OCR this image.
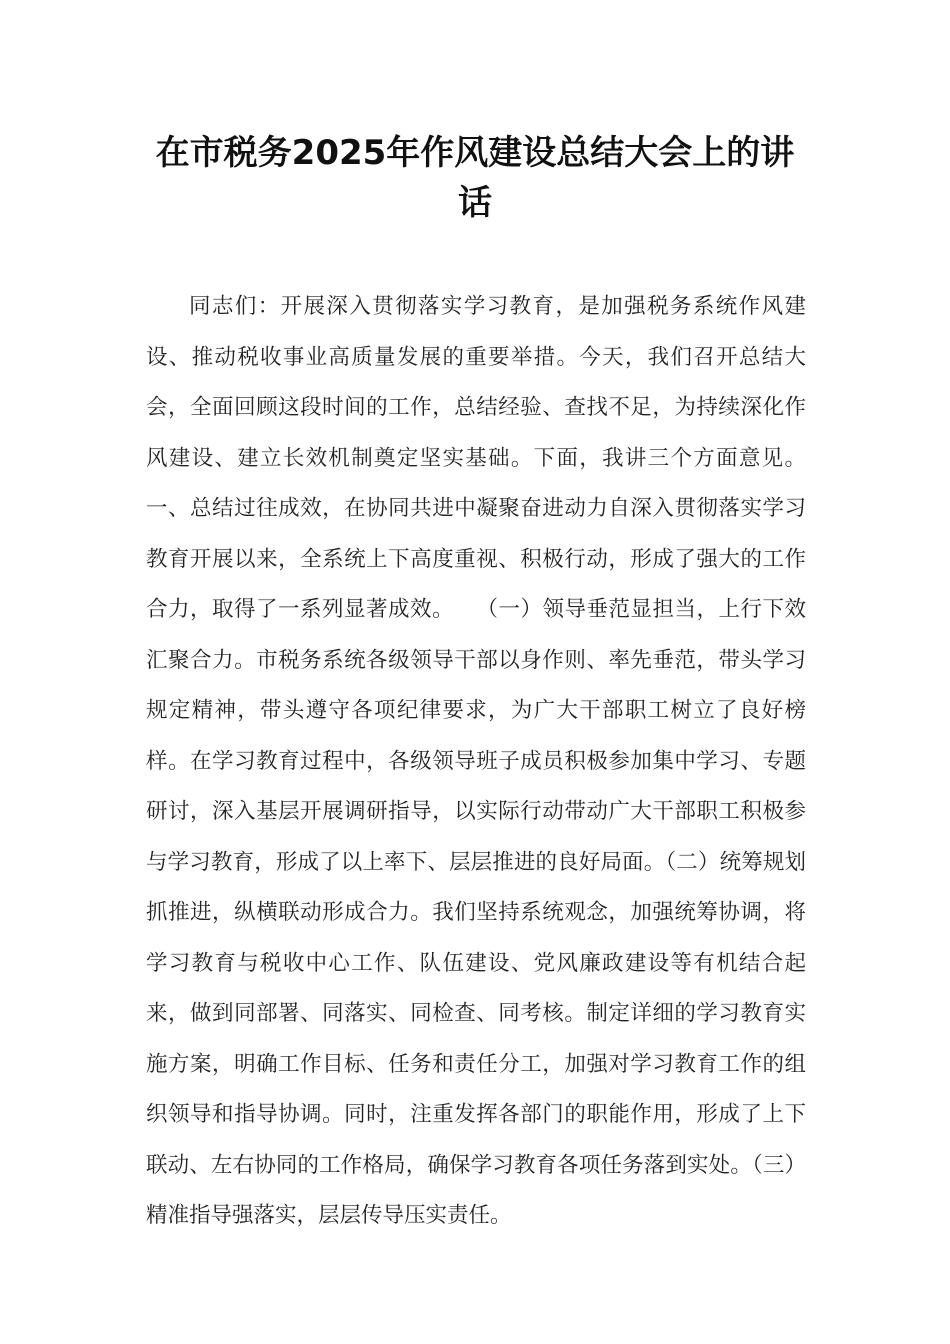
在市税务2025年作风建设总结大会上的讲话

同志们：开展深入贯彻落实学习教育，是加强税务系统作风建设、推动税收事业高质量发展的重要举措。今天，我们召开总结大会，全面回顾这段时间的工作，总结经验、查找不足，为持续深化作风建设、建立长效机制奠定坚实基础。下面，我讲三个方面意见。一、总结过往成效，在协同共进中凝聚奋进动力自深入贯彻落实学习教育开展以来，全系统上下高度重视、积极行动，形成了强大的工作合力，取得了一系列显著成效。　　（一）领导垂范显担当，上行下效汇聚合力。市税务系统各级领导干部以身作则、率先垂范，带头学习规定精神，带头遵守各项纪律要求，为广大干部职工树立了良好榜样。在学习教育过程中，各级领导班子成员积极参加集中学习、专题研讨，深入基层开展调研指导，以实际行动带动广大干部职工积极参与学习教育，形成了以上率下、层层推进的良好局面。（二）统筹规划抓推进，纵横联动形成合力。我们坚持系统观念，加强统筹协调，将学习教育与税收中心工作、队伍建设、党风廉政建设等有机结合起来，做到同部署、同落实、同检查、同考核。制定详细的学习教育实施方案，明确工作目标、任务和责任分工，加强对学习教育工作的组织领导和指导协调。同时，注重发挥各部门的职能作用，形成了上下联动、左右协同的工作格局，确保学习教育各项任务落到实处。（三）精准指导强落实，层层传导压实责任。
